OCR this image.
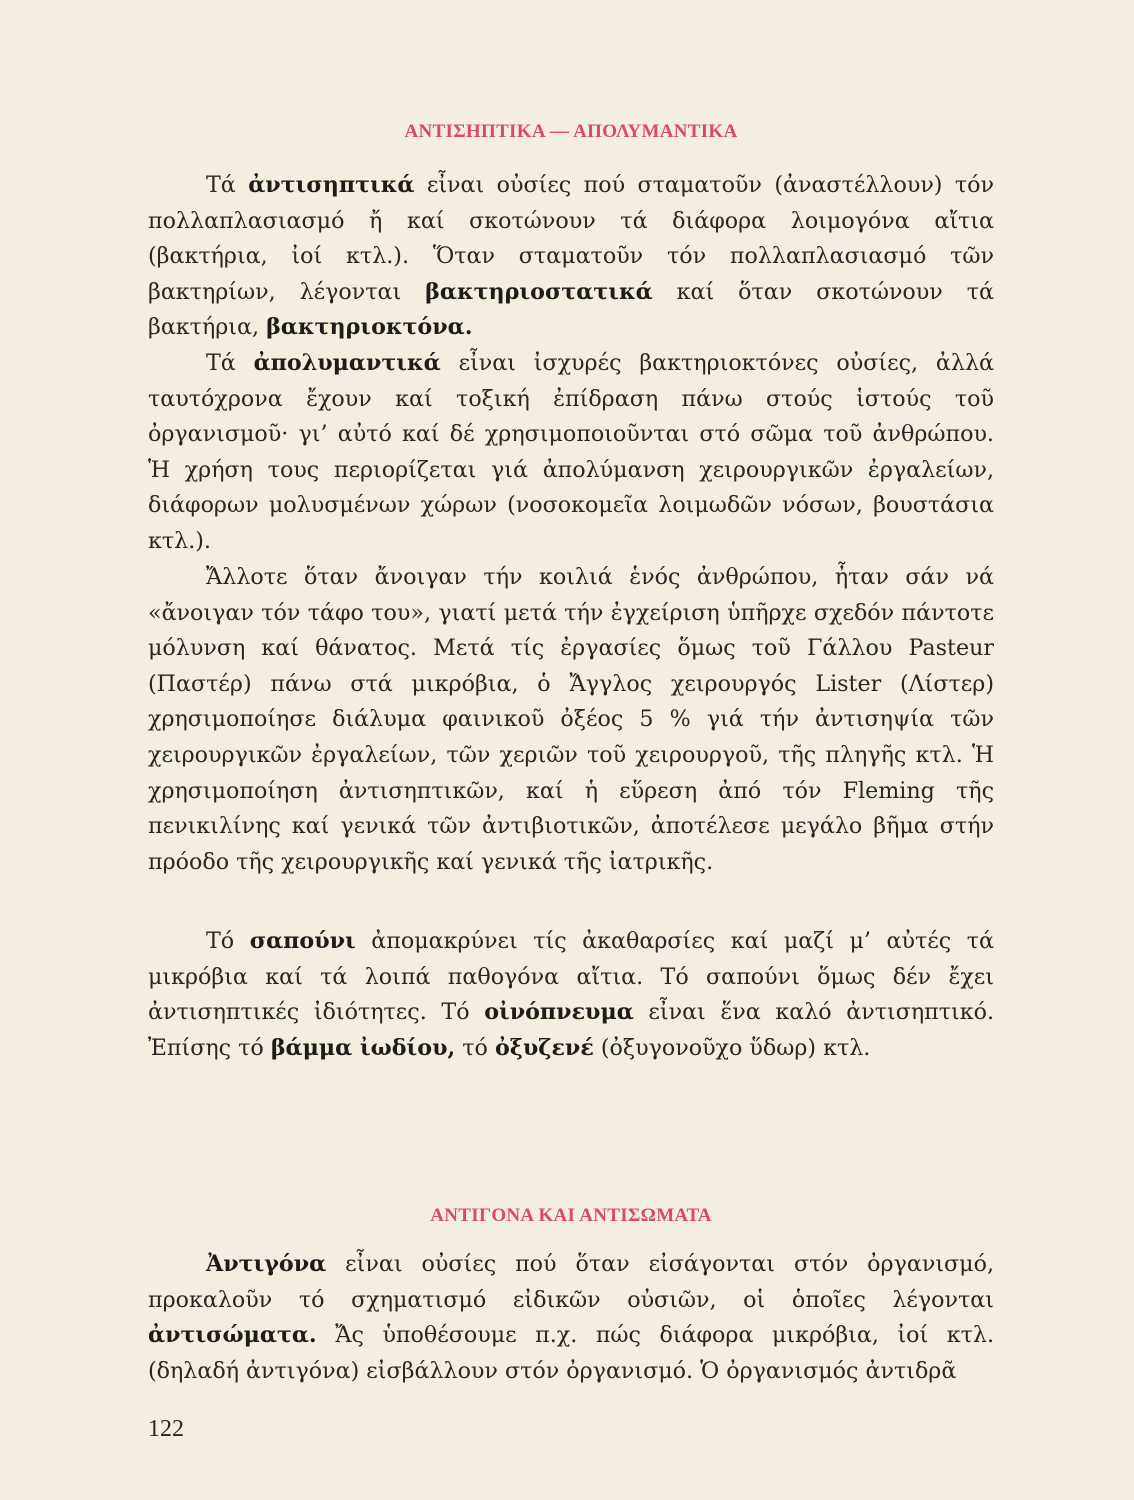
ΑΝΤΙΣΗΠΤΙΚΑ — ΑΠΟΛΥΜΑΝΤΙΚΑ

Τά ἀντισηπτικά εἶναι οὐσίες πού σταματοῦν (ἀναστέλλουν) τόν πολλαπλασιασμό ἤ καί σκοτώνουν τά διάφορα λοιμογόνα αἴτια (βακτήρια, ἰοί κτλ.). Ὅταν σταματοῦν τόν πολλαπλασιασμό τῶν βακτηρίων, λέγονται βακτηριοστατικά καί ὅταν σκοτώνουν τά βακτήρια, βακτηριοκτόνα.

Τά ἀπολυμαντικά εἶναι ἰσχυρές βακτηριοκτόνες οὐσίες, ἀλλά ταυτόχρονα ἔχουν καί τοξική ἐπίδραση πάνω στούς ἱστούς τοῦ ὀργανισμοῦ· γι’ αὐτό καί δέ χρησιμοποιοῦνται στό σῶμα τοῦ ἀνθρώπου. Ἡ χρήση τους περιορίζεται γιά ἀπολύμανση χειρουργικῶν ἐργαλείων, διάφορων μολυσμένων χώρων (νοσοκομεῖα λοιμωδῶν νόσων, βουστάσια κτλ.).

Ἄλλοτε ὅταν ἄνοιγαν τήν κοιλιά ἑνός ἀνθρώπου, ἦταν σάν νά «ἄνοιγαν τόν τάφο του», γιατί μετά τήν ἐγχείριση ὑπῆρχε σχεδόν πάντοτε μόλυνση καί θάνατος. Μετά τίς ἐργασίες ὅμως τοῦ Γάλλου Pasteur (Παστέρ) πάνω στά μικρόβια, ὁ Ἄγγλος χειρουργός Lister (Λίστερ) χρησιμοποίησε διάλυμα φαινικοῦ ὀξέος 5 % γιά τήν ἀντισηψία τῶν χειρουργικῶν ἐργαλείων, τῶν χεριῶν τοῦ χειρουργοῦ, τῆς πληγῆς κτλ. Ἡ χρησιμοποίηση ἀντισηπτικῶν, καί ἡ εὕρεση ἀπό τόν Fleming τῆς πενικιλίνης καί γενικά τῶν ἀντιβιοτικῶν, ἀποτέλεσε μεγάλο βῆμα στήν πρόοδο τῆς χειρουργικῆς καί γενικά τῆς ἰατρικῆς.

Τό σαπούνι ἀπομακρύνει τίς ἀκαθαρσίες καί μαζί μ’ αὐτές τά μικρόβια καί τά λοιπά παθογόνα αἴτια. Τό σαπούνι ὅμως δέν ἔχει ἀντισηπτικές ἰδιότητες. Τό οἰνόπνευμα εἶναι ἕνα καλό ἀντισηπτικό. Ἐπίσης τό βάμμα ἰωδίου, τό ὀξυζενέ (ὀξυγονοῦχο ὕδωρ) κτλ.

ΑΝΤΙΓΟΝΑ ΚΑΙ ΑΝΤΙΣΩΜΑΤΑ

Ἀντιγόνα εἶναι οὐσίες πού ὅταν εἰσάγονται στόν ὀργανισμό, προκαλοῦν τό σχηματισμό εἰδικῶν οὐσιῶν, οἱ ὁποῖες λέγονται ἀντισώματα. Ἄς ὑποθέσουμε π.χ. πώς διάφορα μικρόβια, ἰοί κτλ. (δηλαδή ἀντιγόνα) εἰσβάλλουν στόν ὀργανισμό. Ὁ ὀργανισμός ἀντιδρᾶ

122
